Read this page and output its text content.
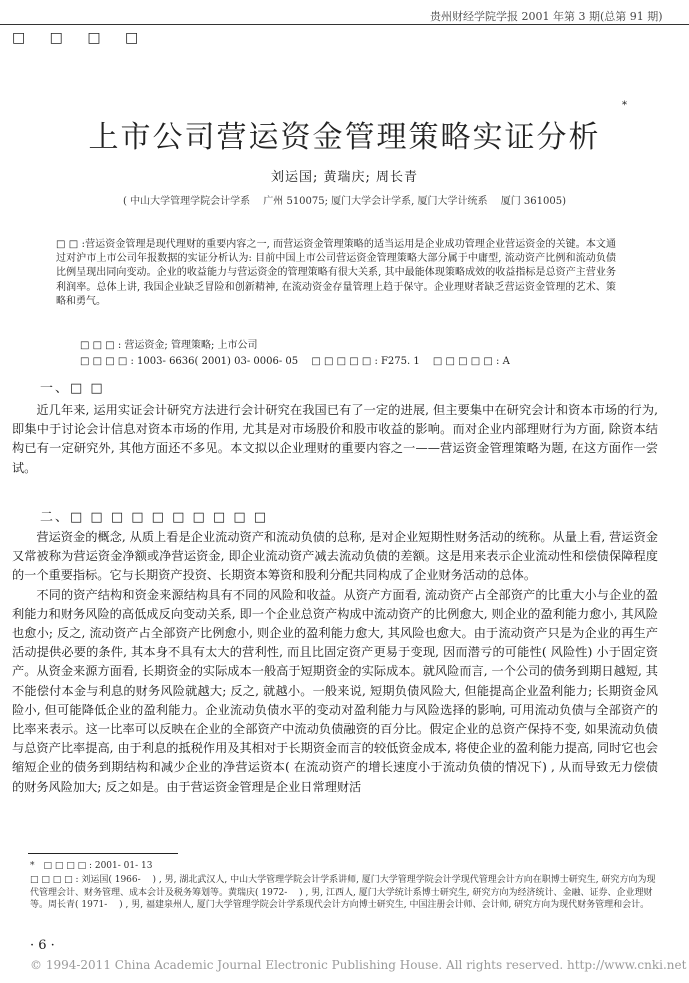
贵州财经学院学报 2001 年第 3 期(总第 91 期)
□ □ □ □
上市公司营运资金管理策略实证分析
*
刘运国; 黄瑞庆; 周长青
( 中山大学管理学院会计学系　 广州 510075; 厦门大学会计学系, 厦门大学计统系　 厦门 361005)

□ □ :营运资金管理是现代理财的重要内容之一, 而营运资金管理策略的适当运用是企业成功管理企业营运资金的关键。本文通过对沪市上市公司年报数据的实证分析认为: 目前中国上市公司营运资金管理策略大部分属于中庸型, 流动资产比例和流动负债比例呈现出同向变动。企业的收益能力与营运资金的管理策略有很大关系, 其中最能体现策略成效的收益指标是总资产主营业务利润率。总体上讲, 我国企业缺乏冒险和创新精神, 在流动资金存量管理上趋于保守。企业理财者缺乏营运资金管理的艺术、策略和勇气。

□ □ □ : 营运资金; 管理策略; 上市公司
□ □ □ □ : 1003- 6636( 2001) 03- 0006- 05　 □ □ □ □ □ : F275. 1　 □ □ □ □ □ : A
一、□ □

近几年来, 运用实证会计研究方法进行会计研究在我国已有了一定的进展, 但主要集中在研究会计和资本市场的行为, 即集中于讨论会计信息对资本市场的作用, 尤其是对市场股价和股市收益的影响。而对企业内部理财行为方面, 除资本结构已有一定研究外, 其他方面还不多见。本文拟以企业理财的重要内容之一——营运资金管理策略为题, 在这方面作一尝试。

二、□ □ □ □ □ □ □ □ □ □

营运资金的概念, 从质上看是企业流动资产和流动负债的总称, 是对企业短期性财务活动的统称。从量上看, 营运资金又常被称为营运资金净额或净营运资金, 即企业流动资产减去流动负债的差额。这是用来表示企业流动性和偿债保障程度的一个重要指标。它与长期资产投资、长期资本筹资和股利分配共同构成了企业财务活动的总体。

不同的资产结构和资金来源结构具有不同的风险和收益。从资产方面看, 流动资产占全部资产的比重大小与企业的盈利能力和财务风险的高低成反向变动关系, 即一个企业总资产构成中流动资产的比例愈大, 则企业的盈利能力愈小, 其风险也愈小; 反之, 流动资产占全部资产比例愈小, 则企业的盈利能力愈大, 其风险也愈大。由于流动资产只是为企业的再生产活动提供必要的条件, 其本身不具有太大的营利性, 而且比固定资产更易于变现, 因而潜亏的可能性( 风险性) 小于固定资产。从资金来源方面看, 长期资金的实际成本一般高于短期资金的实际成本。就风险而言, 一个公司的债务到期日越短, 其不能偿付本金与利息的财务风险就越大; 反之, 就越小。一般来说, 短期负债风险大, 但能提高企业盈利能力; 长期资金风险小, 但可能降低企业的盈利能力。企业流动负债水平的变动对盈利能力与风险选择的影响, 可用流动负债与全部资产的比率来表示。这一比率可以反映在企业的全部资产中流动负债融资的百分比。假定企业的总资产保持不变, 如果流动负债与总资产比率提高, 由于利息的抵税作用及其相对于长期资金而言的较低资金成本, 将使企业的盈利能力提高, 同时它也会缩短企业的债务到期结构和减少企业的净营运资本( 在流动资产的增长速度小于流动负债的情况下) , 从而导致无力偿债的财务风险加大; 反之如是。由于营运资金管理是企业日常理财活

*　□ □ □ □ : 2001- 01- 13
□ □ □ □ : 刘运国( 1966-　 ) , 男, 湖北武汉人, 中山大学管理学院会计学系讲师, 厦门大学管理学院会计学现代管理会计方向在职博士研究生, 研究方向为现代管理会计、财务管理、成本会计及税务筹划等。黄瑞庆( 1972-　 ) , 男, 江西人, 厦门大学统计系博士研究生, 研究方向为经济统计、金融、证券、企业理财等。周长青( 1971-　 ) , 男, 福建泉州人, 厦门大学管理学院会计学系现代会计方向博士研究生, 中国注册会计师、会计师, 研究方向为现代财务管理和会计。
· 6 ·
© 1994-2011 China Academic Journal Electronic Publishing House. All rights reserved. http://www.cnki.net
